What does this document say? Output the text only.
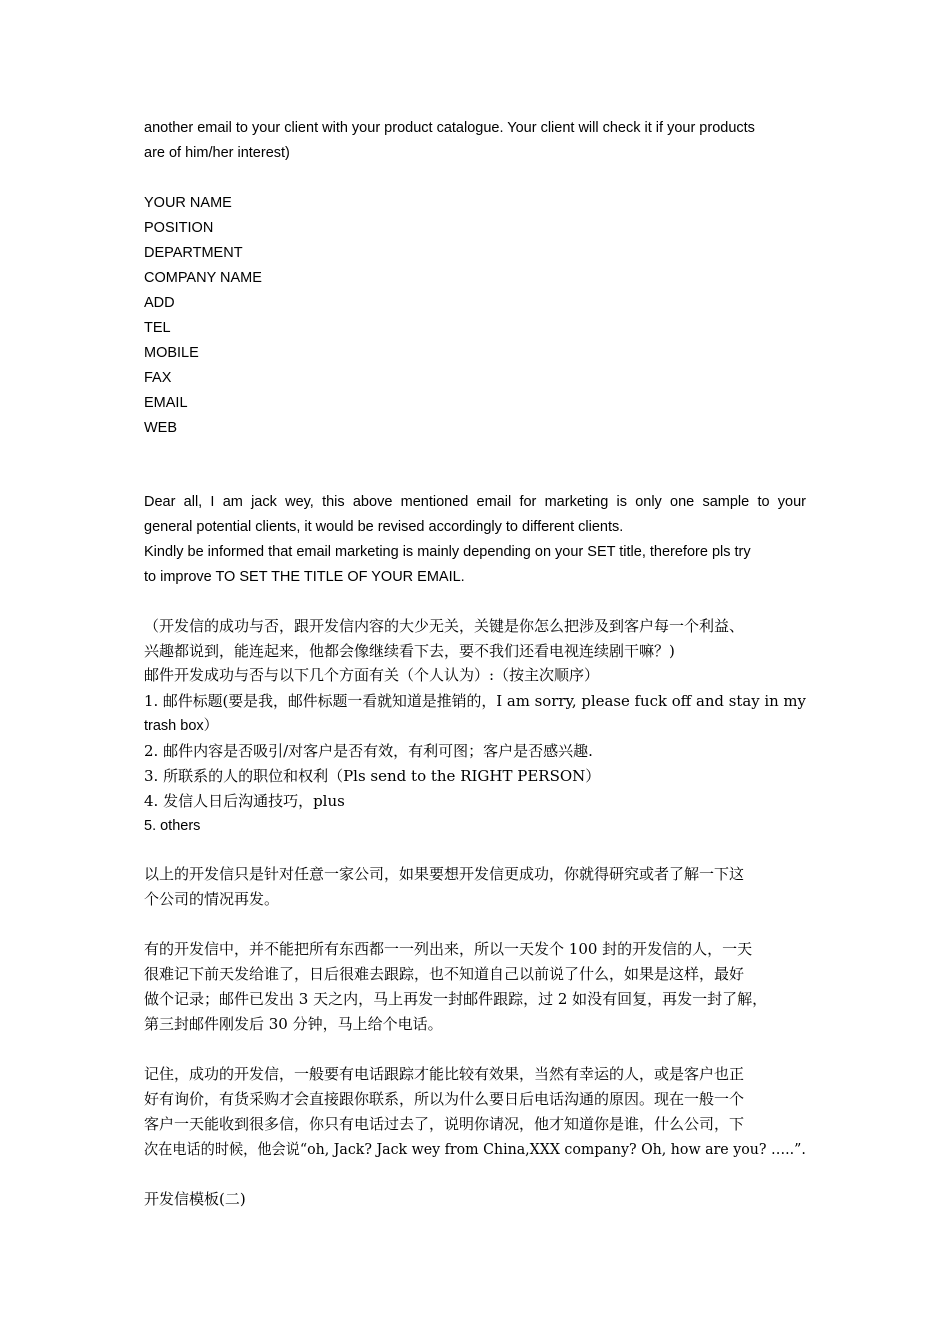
another email to your client with your product catalogue. Your client will check it if your products
are of him/her interest)
YOUR NAME
POSITION
DEPARTMENT
COMPANY NAME
ADD
TEL
MOBILE
FAX
EMAIL
WEB
Dear all, I am jack wey, this above mentioned email for marketing is only one sample to your
general potential clients, it would be revised accordingly to different clients.
Kindly be informed that email marketing is mainly depending on your SET title, therefore pls try
to improve TO SET THE TITLE OF YOUR EMAIL.
（开发信的成功与否，跟开发信内容的大少无关，关键是你怎么把涉及到客户每一个利益、
兴趣都说到，能连起来，他都会像继续看下去，要不我们还看电视连续剧干嘛？)
邮件开发成功与否与以下几个方面有关（个人认为）:（按主次顺序）
1. 邮件标题(要是我，邮件标题一看就知道是推销的，I am sorry, please fuck off and stay in my
trash box）
2. 邮件内容是否吸引/对客户是否有效，有利可图；客户是否感兴趣.
3. 所联系的人的职位和权利（Pls send to the RIGHT PERSON）
4. 发信人日后沟通技巧，plus
5. others
以上的开发信只是针对任意一家公司，如果要想开发信更成功，你就得研究或者了解一下这
个公司的情况再发。
有的开发信中，并不能把所有东西都一一列出来，所以一天发个 100 封的开发信的人，一天
很难记下前天发给谁了，日后很难去跟踪，也不知道自己以前说了什么，如果是这样，最好
做个记录；邮件已发出 3 天之内，马上再发一封邮件跟踪，过 2 如没有回复，再发一封了解，
第三封邮件刚发后 30 分钟，马上给个电话。
记住，成功的开发信，一般要有电话跟踪才能比较有效果，当然有幸运的人，或是客户也正
好有询价，有货采购才会直接跟你联系，所以为什么要日后电话沟通的原因。现在一般一个
客户一天能收到很多信，你只有电话过去了，说明你请况，他才知道你是谁，什么公司，下
次在电话的时候，他会说“oh, Jack? Jack wey from China,XXX company? Oh, how are you? …..”.
开发信模板(二)
